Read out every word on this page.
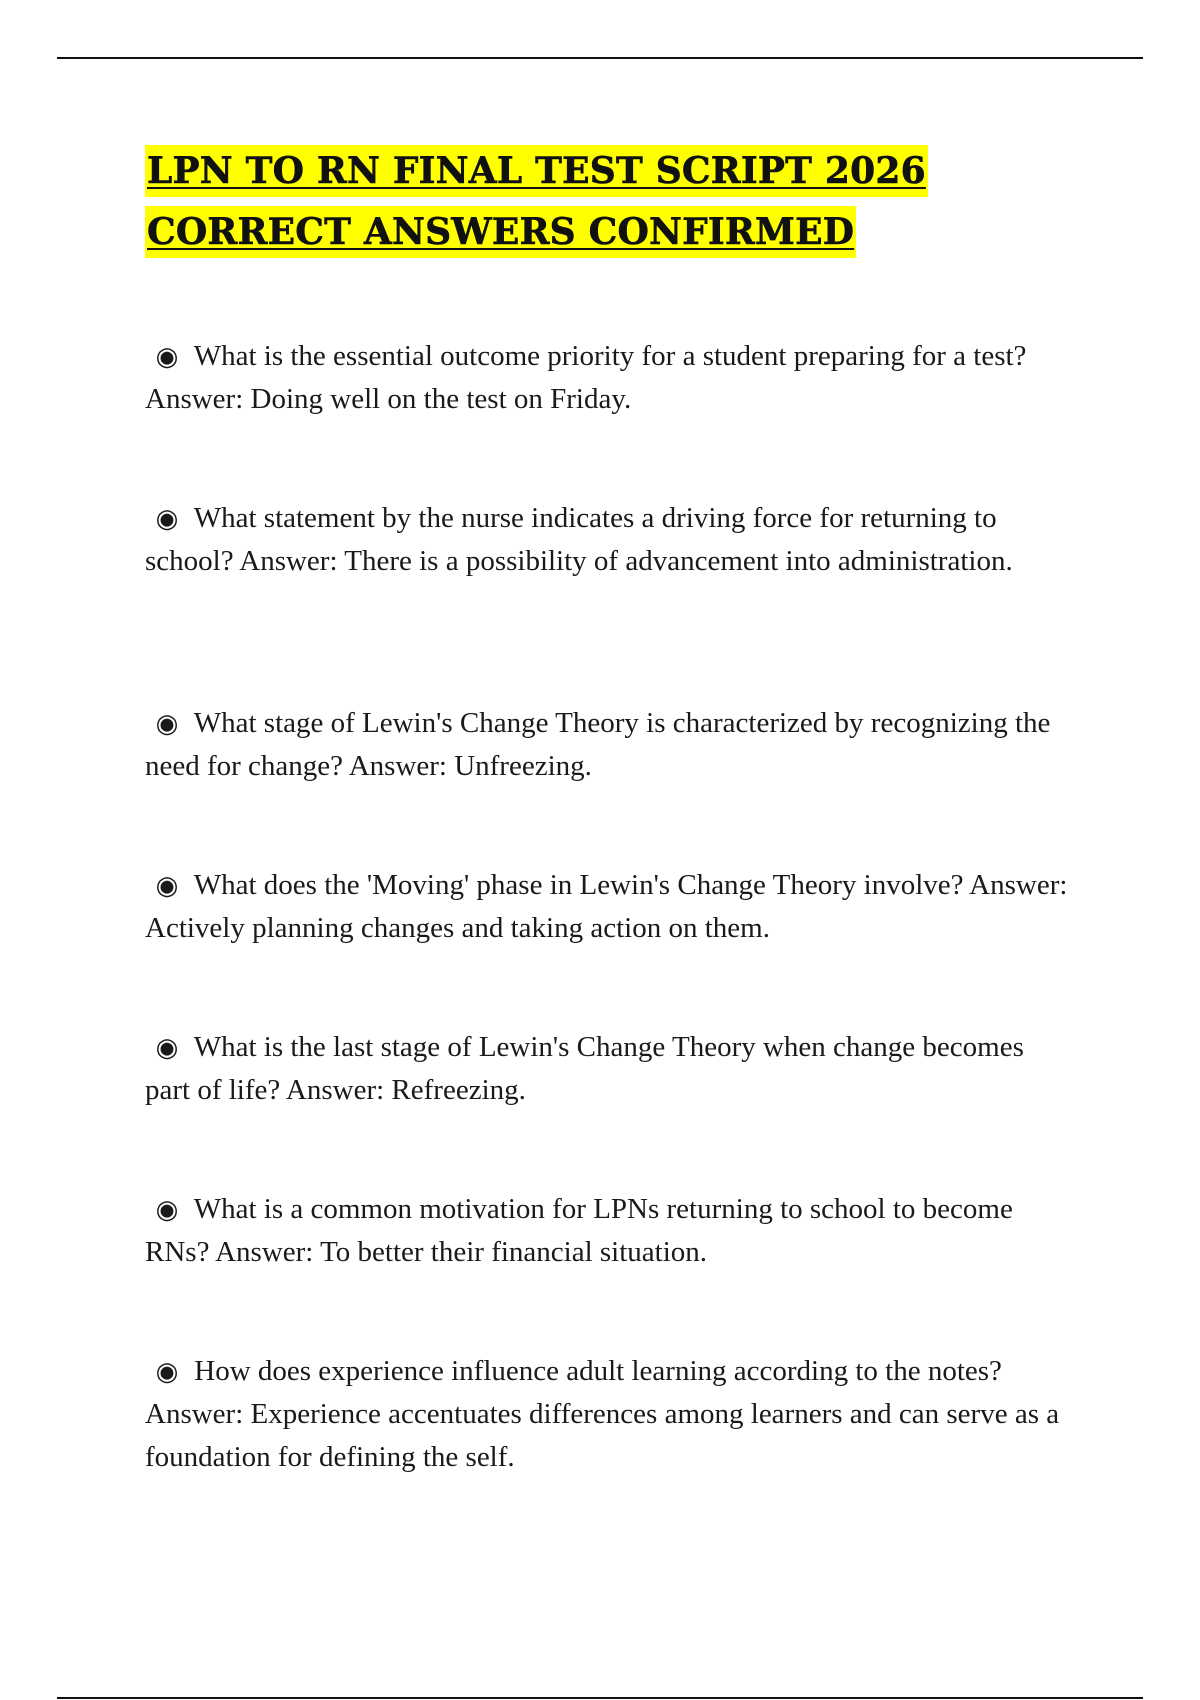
LPN TO RN FINAL TEST SCRIPT 2026

CORRECT ANSWERS CONFIRMED

◉ What is the essential outcome priority for a student preparing for a test? Answer: Doing well on the test on Friday.
◉ What statement by the nurse indicates a driving force for returning to school? Answer: There is a possibility of advancement into administration.
◉ What stage of Lewin's Change Theory is characterized by recognizing the need for change? Answer: Unfreezing.
◉ What does the 'Moving' phase in Lewin's Change Theory involve? Answer: Actively planning changes and taking action on them.
◉ What is the last stage of Lewin's Change Theory when change becomes part of life? Answer: Refreezing.
◉ What is a common motivation for LPNs returning to school to become RNs? Answer: To better their financial situation.
◉ How does experience influence adult learning according to the notes? Answer: Experience accentuates differences among learners and can serve as a foundation for defining the self.
